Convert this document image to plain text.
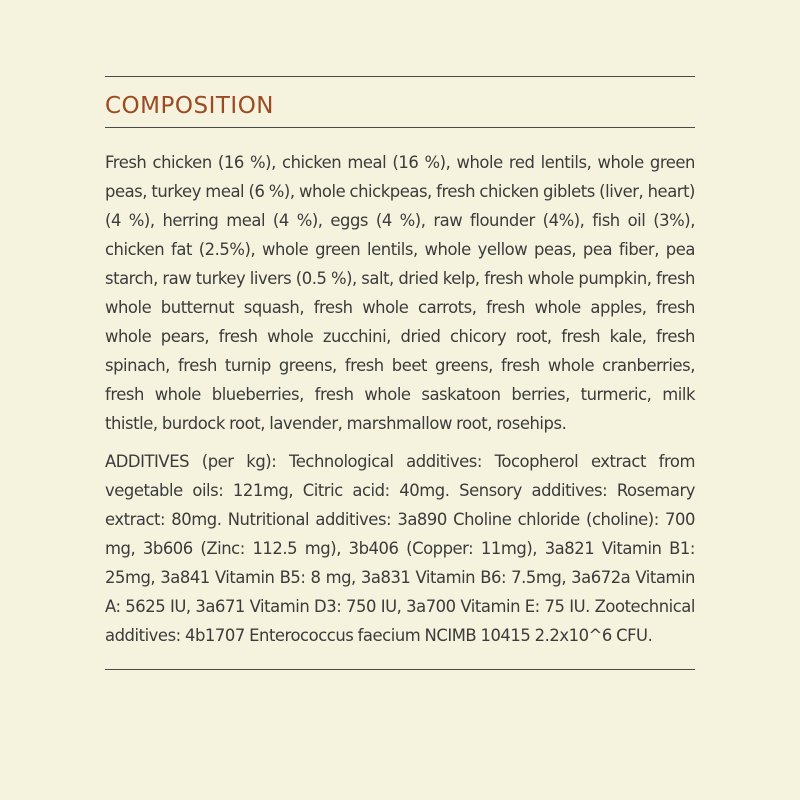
COMPOSITION

Fresh chicken (16 %), chicken meal (16 %), whole red lentils, whole green peas, turkey meal (6 %), whole chickpeas, fresh chicken giblets (liver, heart) (4 %), herring meal (4 %), eggs (4 %), raw flounder (4%), fish oil (3%), chicken fat (2.5%), whole green lentils, whole yellow peas, pea fiber, pea starch, raw turkey livers (0.5 %), salt, dried kelp, fresh whole pumpkin, fresh whole butternut squash, fresh whole carrots, fresh whole apples, fresh whole pears, fresh whole zucchini, dried chicory root, fresh kale, fresh spinach, fresh turnip greens, fresh beet greens, fresh whole cranberries, fresh whole blueberries, fresh whole saskatoon berries, turmeric, milk thistle, burdock root, lavender, marshmallow root, rosehips.

ADDITIVES (per kg): Technological additives: Tocopherol extract from vegetable oils: 121mg, Citric acid: 40mg. Sensory additives: Rosemary extract: 80mg. Nutritional additives: 3a890 Choline chloride (choline): 700 mg, 3b606 (Zinc: 112.5 mg), 3b406 (Copper: 11mg), 3a821 Vitamin B1: 25mg, 3a841 Vitamin B5: 8 mg, 3a831 Vitamin B6: 7.5mg, 3a672a Vitamin A: 5625 IU, 3a671 Vitamin D3: 750 IU, 3a700 Vitamin E: 75 IU. Zootechnical additives: 4b1707 Enterococcus faecium NCIMB 10415 2.2x10^6 CFU.
